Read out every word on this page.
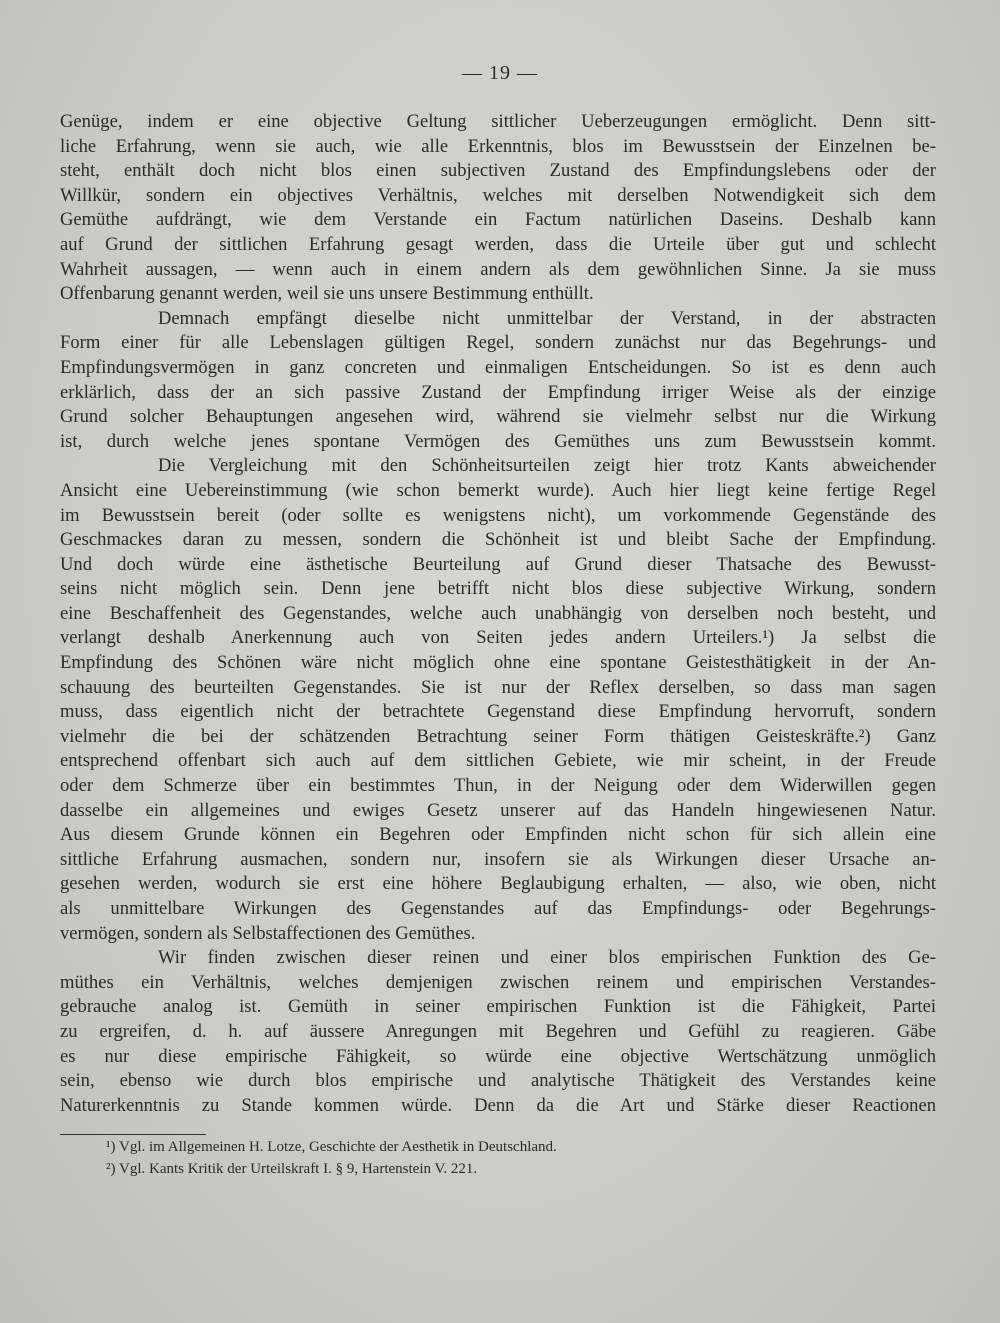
— 19 —
Genüge, indem er eine objective Geltung sittlicher Ueberzeugungen ermöglicht. Denn sitt-
liche Erfahrung, wenn sie auch, wie alle Erkenntnis, blos im Bewusstsein der Einzelnen be-
steht, enthält doch nicht blos einen subjectiven Zustand des Empfindungslebens oder der
Willkür, sondern ein objectives Verhältnis, welches mit derselben Notwendigkeit sich dem
Gemüthe aufdrängt, wie dem Verstande ein Factum natürlichen Daseins. Deshalb kann
auf Grund der sittlichen Erfahrung gesagt werden, dass die Urteile über gut und schlecht
Wahrheit aussagen, — wenn auch in einem andern als dem gewöhnlichen Sinne. Ja sie muss
Offenbarung genannt werden, weil sie uns unsere Bestimmung enthüllt.
Demnach empfängt dieselbe nicht unmittelbar der Verstand, in der abstracten
Form einer für alle Lebenslagen gültigen Regel, sondern zunächst nur das Begehrungs- und
Empfindungsvermögen in ganz concreten und einmaligen Entscheidungen. So ist es denn auch
erklärlich, dass der an sich passive Zustand der Empfindung irriger Weise als der einzige
Grund solcher Behauptungen angesehen wird, während sie vielmehr selbst nur die Wirkung
ist, durch welche jenes spontane Vermögen des Gemüthes uns zum Bewusstsein kommt.
Die Vergleichung mit den Schönheitsurteilen zeigt hier trotz Kants abweichender
Ansicht eine Uebereinstimmung (wie schon bemerkt wurde). Auch hier liegt keine fertige Regel
im Bewusstsein bereit (oder sollte es wenigstens nicht), um vorkommende Gegenstände des
Geschmackes daran zu messen, sondern die Schönheit ist und bleibt Sache der Empfindung.
Und doch würde eine ästhetische Beurteilung auf Grund dieser Thatsache des Bewusst-
seins nicht möglich sein. Denn jene betrifft nicht blos diese subjective Wirkung, sondern
eine Beschaffenheit des Gegenstandes, welche auch unabhängig von derselben noch besteht, und
verlangt deshalb Anerkennung auch von Seiten jedes andern Urteilers.¹) Ja selbst die
Empfindung des Schönen wäre nicht möglich ohne eine spontane Geistesthätigkeit in der An-
schauung des beurteilten Gegenstandes. Sie ist nur der Reflex derselben, so dass man sagen
muss, dass eigentlich nicht der betrachtete Gegenstand diese Empfindung hervorruft, sondern
vielmehr die bei der schätzenden Betrachtung seiner Form thätigen Geisteskräfte.²) Ganz
entsprechend offenbart sich auch auf dem sittlichen Gebiete, wie mir scheint, in der Freude
oder dem Schmerze über ein bestimmtes Thun, in der Neigung oder dem Widerwillen gegen
dasselbe ein allgemeines und ewiges Gesetz unserer auf das Handeln hingewiesenen Natur.
Aus diesem Grunde können ein Begehren oder Empfinden nicht schon für sich allein eine
sittliche Erfahrung ausmachen, sondern nur, insofern sie als Wirkungen dieser Ursache an-
gesehen werden, wodurch sie erst eine höhere Beglaubigung erhalten, — also, wie oben, nicht
als unmittelbare Wirkungen des Gegenstandes auf das Empfindungs- oder Begehrungs-
vermögen, sondern als Selbstaffectionen des Gemüthes.
Wir finden zwischen dieser reinen und einer blos empirischen Funktion des Ge-
müthes ein Verhältnis, welches demjenigen zwischen reinem und empirischen Verstandes-
gebrauche analog ist. Gemüth in seiner empirischen Funktion ist die Fähigkeit, Partei
zu ergreifen, d. h. auf äussere Anregungen mit Begehren und Gefühl zu reagieren. Gäbe
es nur diese empirische Fähigkeit, so würde eine objective Wertschätzung unmöglich
sein, ebenso wie durch blos empirische und analytische Thätigkeit des Verstandes keine
Naturerkenntnis zu Stande kommen würde. Denn da die Art und Stärke dieser Reactionen
¹) Vgl. im Allgemeinen H. Lotze, Geschichte der Aesthetik in Deutschland.
²) Vgl. Kants Kritik der Urteilskraft I. § 9, Hartenstein V. 221.
